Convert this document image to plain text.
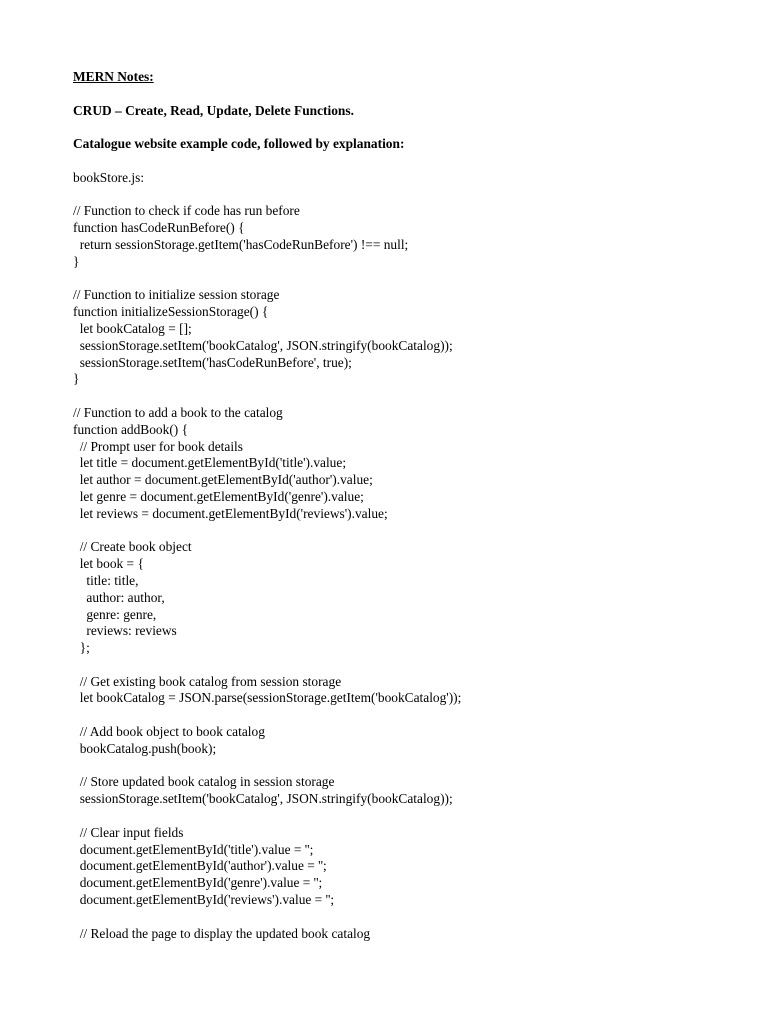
MERN Notes:
CRUD – Create, Read, Update, Delete Functions.
Catalogue website example code, followed by explanation:
bookStore.js:
// Function to check if code has run before
function hasCodeRunBefore() {
return sessionStorage.getItem('hasCodeRunBefore') !== null;
}
// Function to initialize session storage
function initializeSessionStorage() {
let bookCatalog = [];
sessionStorage.setItem('bookCatalog', JSON.stringify(bookCatalog));
sessionStorage.setItem('hasCodeRunBefore', true);
}
// Function to add a book to the catalog
function addBook() {
// Prompt user for book details
let title = document.getElementById('title').value;
let author = document.getElementById('author').value;
let genre = document.getElementById('genre').value;
let reviews = document.getElementById('reviews').value;
// Create book object
let book = {
title: title,
author: author,
genre: genre,
reviews: reviews
};
// Get existing book catalog from session storage
let bookCatalog = JSON.parse(sessionStorage.getItem('bookCatalog'));
// Add book object to book catalog
bookCatalog.push(book);
// Store updated book catalog in session storage
sessionStorage.setItem('bookCatalog', JSON.stringify(bookCatalog));
// Clear input fields
document.getElementById('title').value = '';
document.getElementById('author').value = '';
document.getElementById('genre').value = '';
document.getElementById('reviews').value = '';
// Reload the page to display the updated book catalog
